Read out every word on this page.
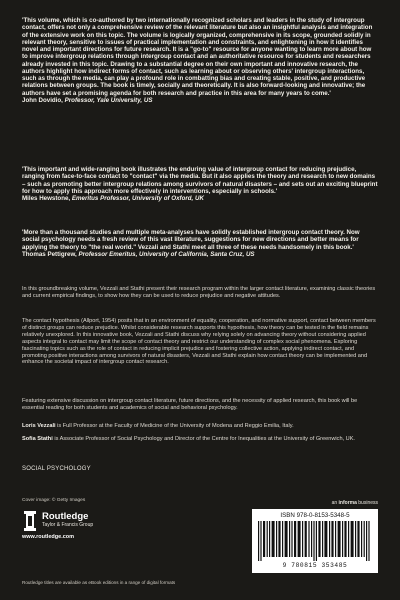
'This volume, which is co-authored by two internationally recognized scholars and leaders in the study of intergroup contact, offers not only a comprehensive review of the relevant literature but also an insightful analysis and integration of the extensive work on this topic. The volume is logically organized, comprehensive in its scope, grounded solidly in relevant theory, sensitive to issues of practical implementation and constraints, and enlightening in how it identifies novel and important directions for future research. It is a "go-to" resource for anyone wanting to learn more about how to improve intergroup relations through intergroup contact and an authoritative resource for students and researchers already invested in this topic. Drawing to a substantial degree on their own important and innovative research, the authors highlight how indirect forms of contact, such as learning about or observing others' intergroup interactions, such as through the media, can play a profound role in combatting bias and creating stable, positive, and productive relations between groups. The book is timely, socially and theoretically. It is also forward-looking and innovative; the authors have set a promising agenda for both research and practice in this area for many years to come.'
John Dovidio, Professor, Yale University, US
'This important and wide-ranging book illustrates the enduring value of intergroup contact for reducing prejudice, ranging from face-to-face contact to "contact" via the media. But it also applies the theory and research to new domains – such as promoting better intergroup relations among survivors of natural disasters – and sets out an exciting blueprint for how to apply this approach more effectively in interventions, especially in schools.'
Miles Hewstone, Emeritus Professor, University of Oxford, UK
'More than a thousand studies and multiple meta-analyses have solidly established intergroup contact theory. Now social psychology needs a fresh review of this vast literature, suggestions for new directions and better means for applying the theory to "the real world." Vezzali and Stathi meet all three of these needs handsomely in this book.'
Thomas Pettigrew, Professor Emeritus, University of California, Santa Cruz, US
In this groundbreaking volume, Vezzali and Stathi present their research program within the larger contact literature, examining classic theories and current empirical findings, to show how they can be used to reduce prejudice and negative attitudes.
The contact hypothesis (Allport, 1954) posits that in an environment of equality, cooperation, and normative support, contact between members of distinct groups can reduce prejudice. Whilst considerable research supports this hypothesis, how theory can be tested in the field remains relatively unexplored. In this innovative book, Vezzali and Stathi discuss why relying solely on advancing theory without considering applied aspects integral to contact may limit the scope of contact theory and restrict our understanding of complex social phenomena. Exploring fascinating topics such as the role of contact in reducing implicit prejudice and fostering collective action, applying indirect contact, and promoting positive interactions among survivors of natural disasters, Vezzali and Stathi explain how contact theory can be implemented and enhance the societal impact of intergroup contact research.
Featuring extensive discussion on intergroup contact literature, future directions, and the necessity of applied research, this book will be essential reading for both students and academics of social and behavioral psychology.
Loris Vezzali is Full Professor at the Faculty of Medicine of the University of Modena and Reggio Emilia, Italy.
Sofia Stathi is Associate Professor of Social Psychology and Director of the Centre for Inequalities at the University of Greenwich, UK.
SOCIAL PSYCHOLOGY
Cover image: © Getty Images
Routledge
Taylor & Francis Group
www.routledge.com
an informa business
ISBN 978-0-8153-5348-5
9 780815 353485
Routledge titles are available as eBook editions in a range of digital formats
